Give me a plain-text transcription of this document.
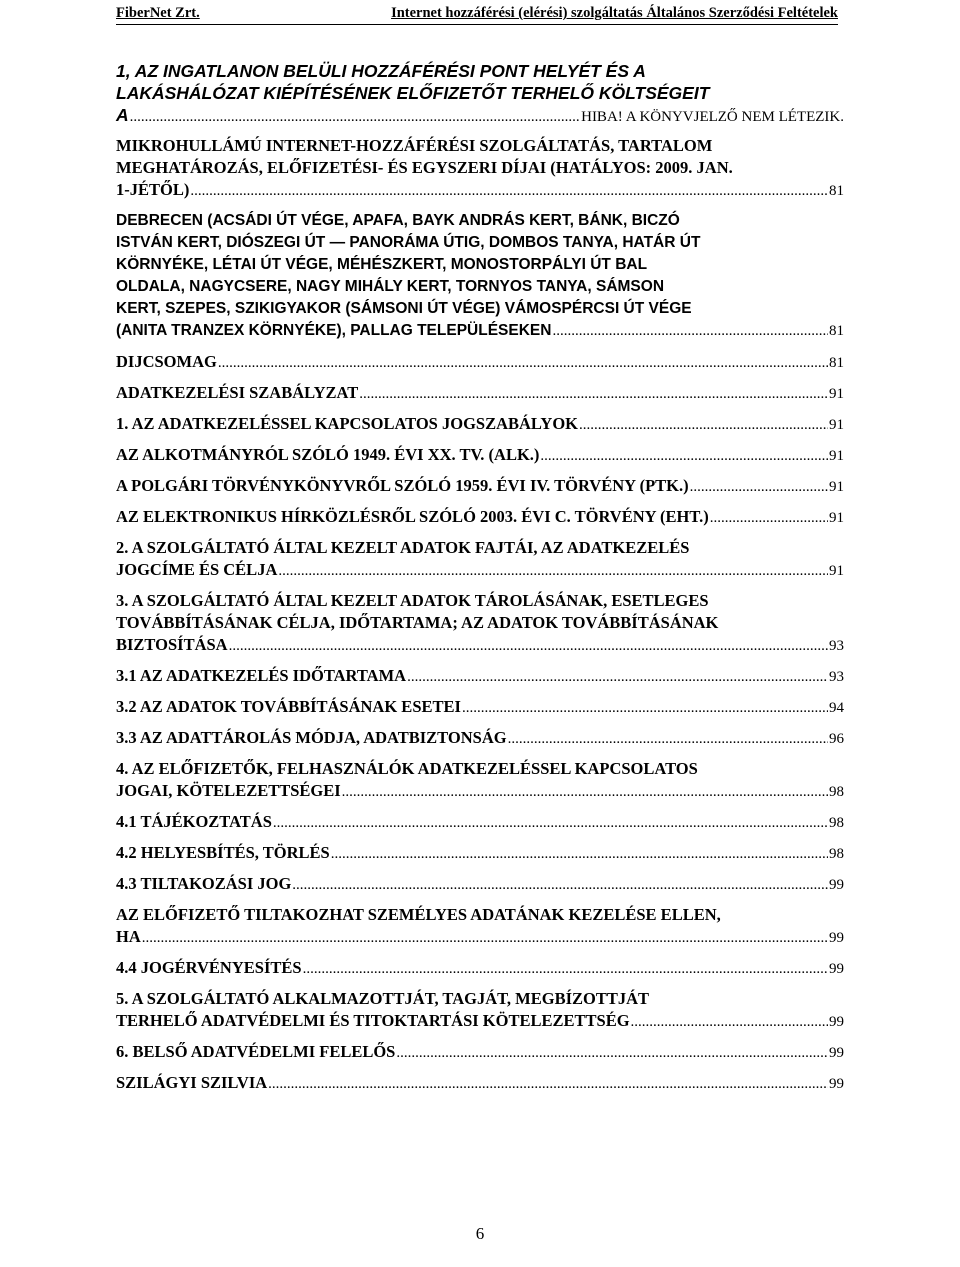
FiberNet Zrt.	Internet hozzáférési (elérési) szolgáltatás Általános Szerződési Feltételek
1, AZ INGATLANON BELÜLI HOZZÁFÉRÉSI PONT HELYÉT ÉS A
LAKÁSHÁLÓZAT KIÉPÍTÉSÉNEK ELŐFIZETŐT TERHELŐ KÖLTSÉGEIT
A .....	HIBA! A KÖNYVJELZŐ NEM LÉTEZIK.
MIKROHULLÁMÚ INTERNET-HOZZÁFÉRÉSI SZOLGÁLTATÁS, TARTALOM
MEGHATÁROZÁS, ELŐFIZETÉSI- ÉS EGYSZERI DÍJAI (HATÁLYOS: 2009. JAN.
1-JÉTŐL) .....	81
DEBRECEN (ACSÁDI ÚT VÉGE, APAFA, BAYK ANDRÁS KERT, BÁNK, BICZÓ
ISTVÁN KERT, DIÓSZEGI ÚT — PANORÁMA ÚTIG, DOMBOS TANYA, HATÁR ÚT
KÖRNYÉKE, LÉTAI ÚT VÉGE, MÉHÉSZKERT, MONOSTORPÁLYI ÚT BAL
OLDALA, NAGYCSERE, NAGY MIHÁLY KERT, TORNYOS TANYA, SÁMSON
KERT, SZEPES, SZIKIGYAKOR (SÁMSONI ÚT VÉGE) VÁMOSPÉRCSI ÚT VÉGE
(ANITA TRANZEX KÖRNYÉKE), PALLAG TELEPÜLÉSEKEN .....	81
DIJCSOMAG .....	81
ADATKEZELÉSI SZABÁLYZAT .....	91
1. AZ ADATKEZELÉSSEL KAPCSOLATOS JOGSZABÁLYOK .....	91
AZ ALKOTMÁNYRÓL SZÓLÓ 1949. ÉVI XX. TV. (ALK.) .....	91
A POLGÁRI TÖRVÉNYKÖNYVRŐL SZÓLÓ 1959. ÉVI IV. TÖRVÉNY (PTK.) .....	91
AZ ELEKTRONIKUS HÍRKÖZLÉSRŐL SZÓLÓ 2003. ÉVI C. TÖRVÉNY (EHT.) .....	91
2. A SZOLGÁLTATÓ ÁLTAL KEZELT ADATOK FAJTÁI, AZ ADATKEZELÉS
JOGCÍME ÉS CÉLJA .....	91
3. A SZOLGÁLTATÓ ÁLTAL KEZELT ADATOK TÁROLÁSÁNAK, ESETLEGES
TOVÁBBÍTÁSÁNAK CÉLJA, IDŐTARTAMA; AZ ADATOK TOVÁBBÍTÁSÁNAK
BIZTOSÍTÁSA .....	93
3.1 AZ ADATKEZELÉS IDŐTARTAMA .....	93
3.2 AZ ADATOK TOVÁBBÍTÁSÁNAK ESETEI .....	94
3.3 AZ ADATTÁROLÁS MÓDJA, ADATBIZTONSÁG .....	96
4. AZ ELŐFIZETŐK, FELHASZNÁLÓK ADATKEZELÉSSEL KAPCSOLATOS
JOGAI, KÖTELEZETTSÉGEI .....	98
4.1 TÁJÉKOZTATÁS .....	98
4.2 HELYESBÍTÉS, TÖRLÉS .....	98
4.3 TILTAKOZÁSI JOG .....	99
AZ ELŐFIZETŐ TILTAKOZHAT SZEMÉLYES ADATÁNAK KEZELÉSE ELLEN,
HA .....	99
4.4 JOGÉRVÉNYESÍTÉS .....	99
5. A SZOLGÁLTATÓ ALKALMAZOTTJÁT, TAGJÁT, MEGBÍZOTTJÁT
TERHELŐ ADATVÉDELMI ÉS TITOKTARTÁSI KÖTELEZETTSÉG .....	99
6. BELSŐ ADATVÉDELMI FELELŐS .....	99
SZILÁGYI SZILVIA .....	99
6
